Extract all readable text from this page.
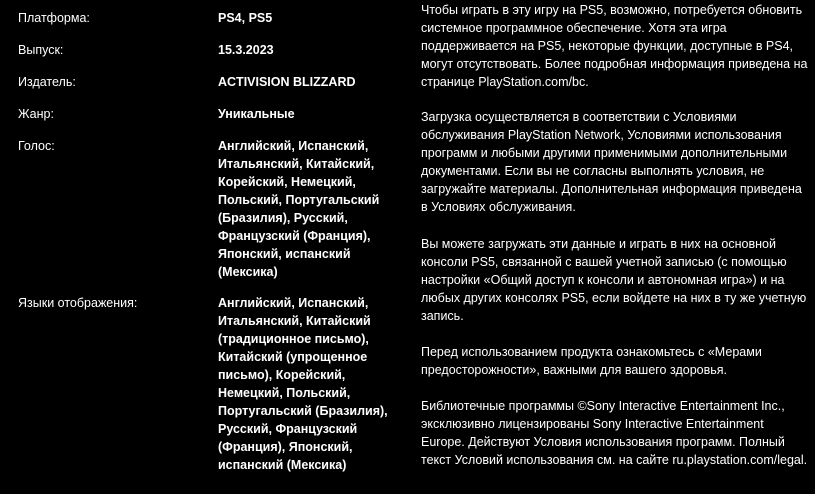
Платформа:	PS4, PS5
Выпуск:	15.3.2023
Издатель:	ACTIVISION BLIZZARD
Жанр:	Уникальные
Голос:	Английский, Испанский, Итальянский, Китайский, Корейский, Немецкий, Польский, Португальский (Бразилия), Русский, Французский (Франция), Японский, испанский (Мексика)
Языки отображения:	Английский, Испанский, Итальянский, Китайский (традиционное письмо), Китайский (упрощенное письмо), Корейский, Немецкий, Польский, Португальский (Бразилия), Русский, Французский (Франция), Японский, испанский (Мексика)

Чтобы играть в эту игру на PS5, возможно, потребуется обновить системное программное обеспечение. Хотя эта игра поддерживается на PS5, некоторые функции, доступные в PS4, могут отсутствовать. Более подробная информация приведена на странице PlayStation.com/bc.

Загрузка осуществляется в соответствии с Условиями обслуживания PlayStation Network, Условиями использования программ и любыми другими применимыми дополнительными документами. Если вы не согласны выполнять условия, не загружайте материалы. Дополнительная информация приведена в Условиях обслуживания.

Вы можете загружать эти данные и играть в них на основной консоли PS5, связанной с вашей учетной записью (с помощью настройки «Общий доступ к консоли и автономная игра») и на любых других консолях PS5, если войдете на них в ту же учетную запись.

Перед использованием продукта ознакомьтесь с «Мерами предосторожности», важными для вашего здоровья.

Библиотечные программы ©Sony Interactive Entertainment Inc., эксклюзивно лицензированы Sony Interactive Entertainment Europe. Действуют Условия использования программ. Полный текст Условий использования см. на сайте ru.playstation.com/legal.
